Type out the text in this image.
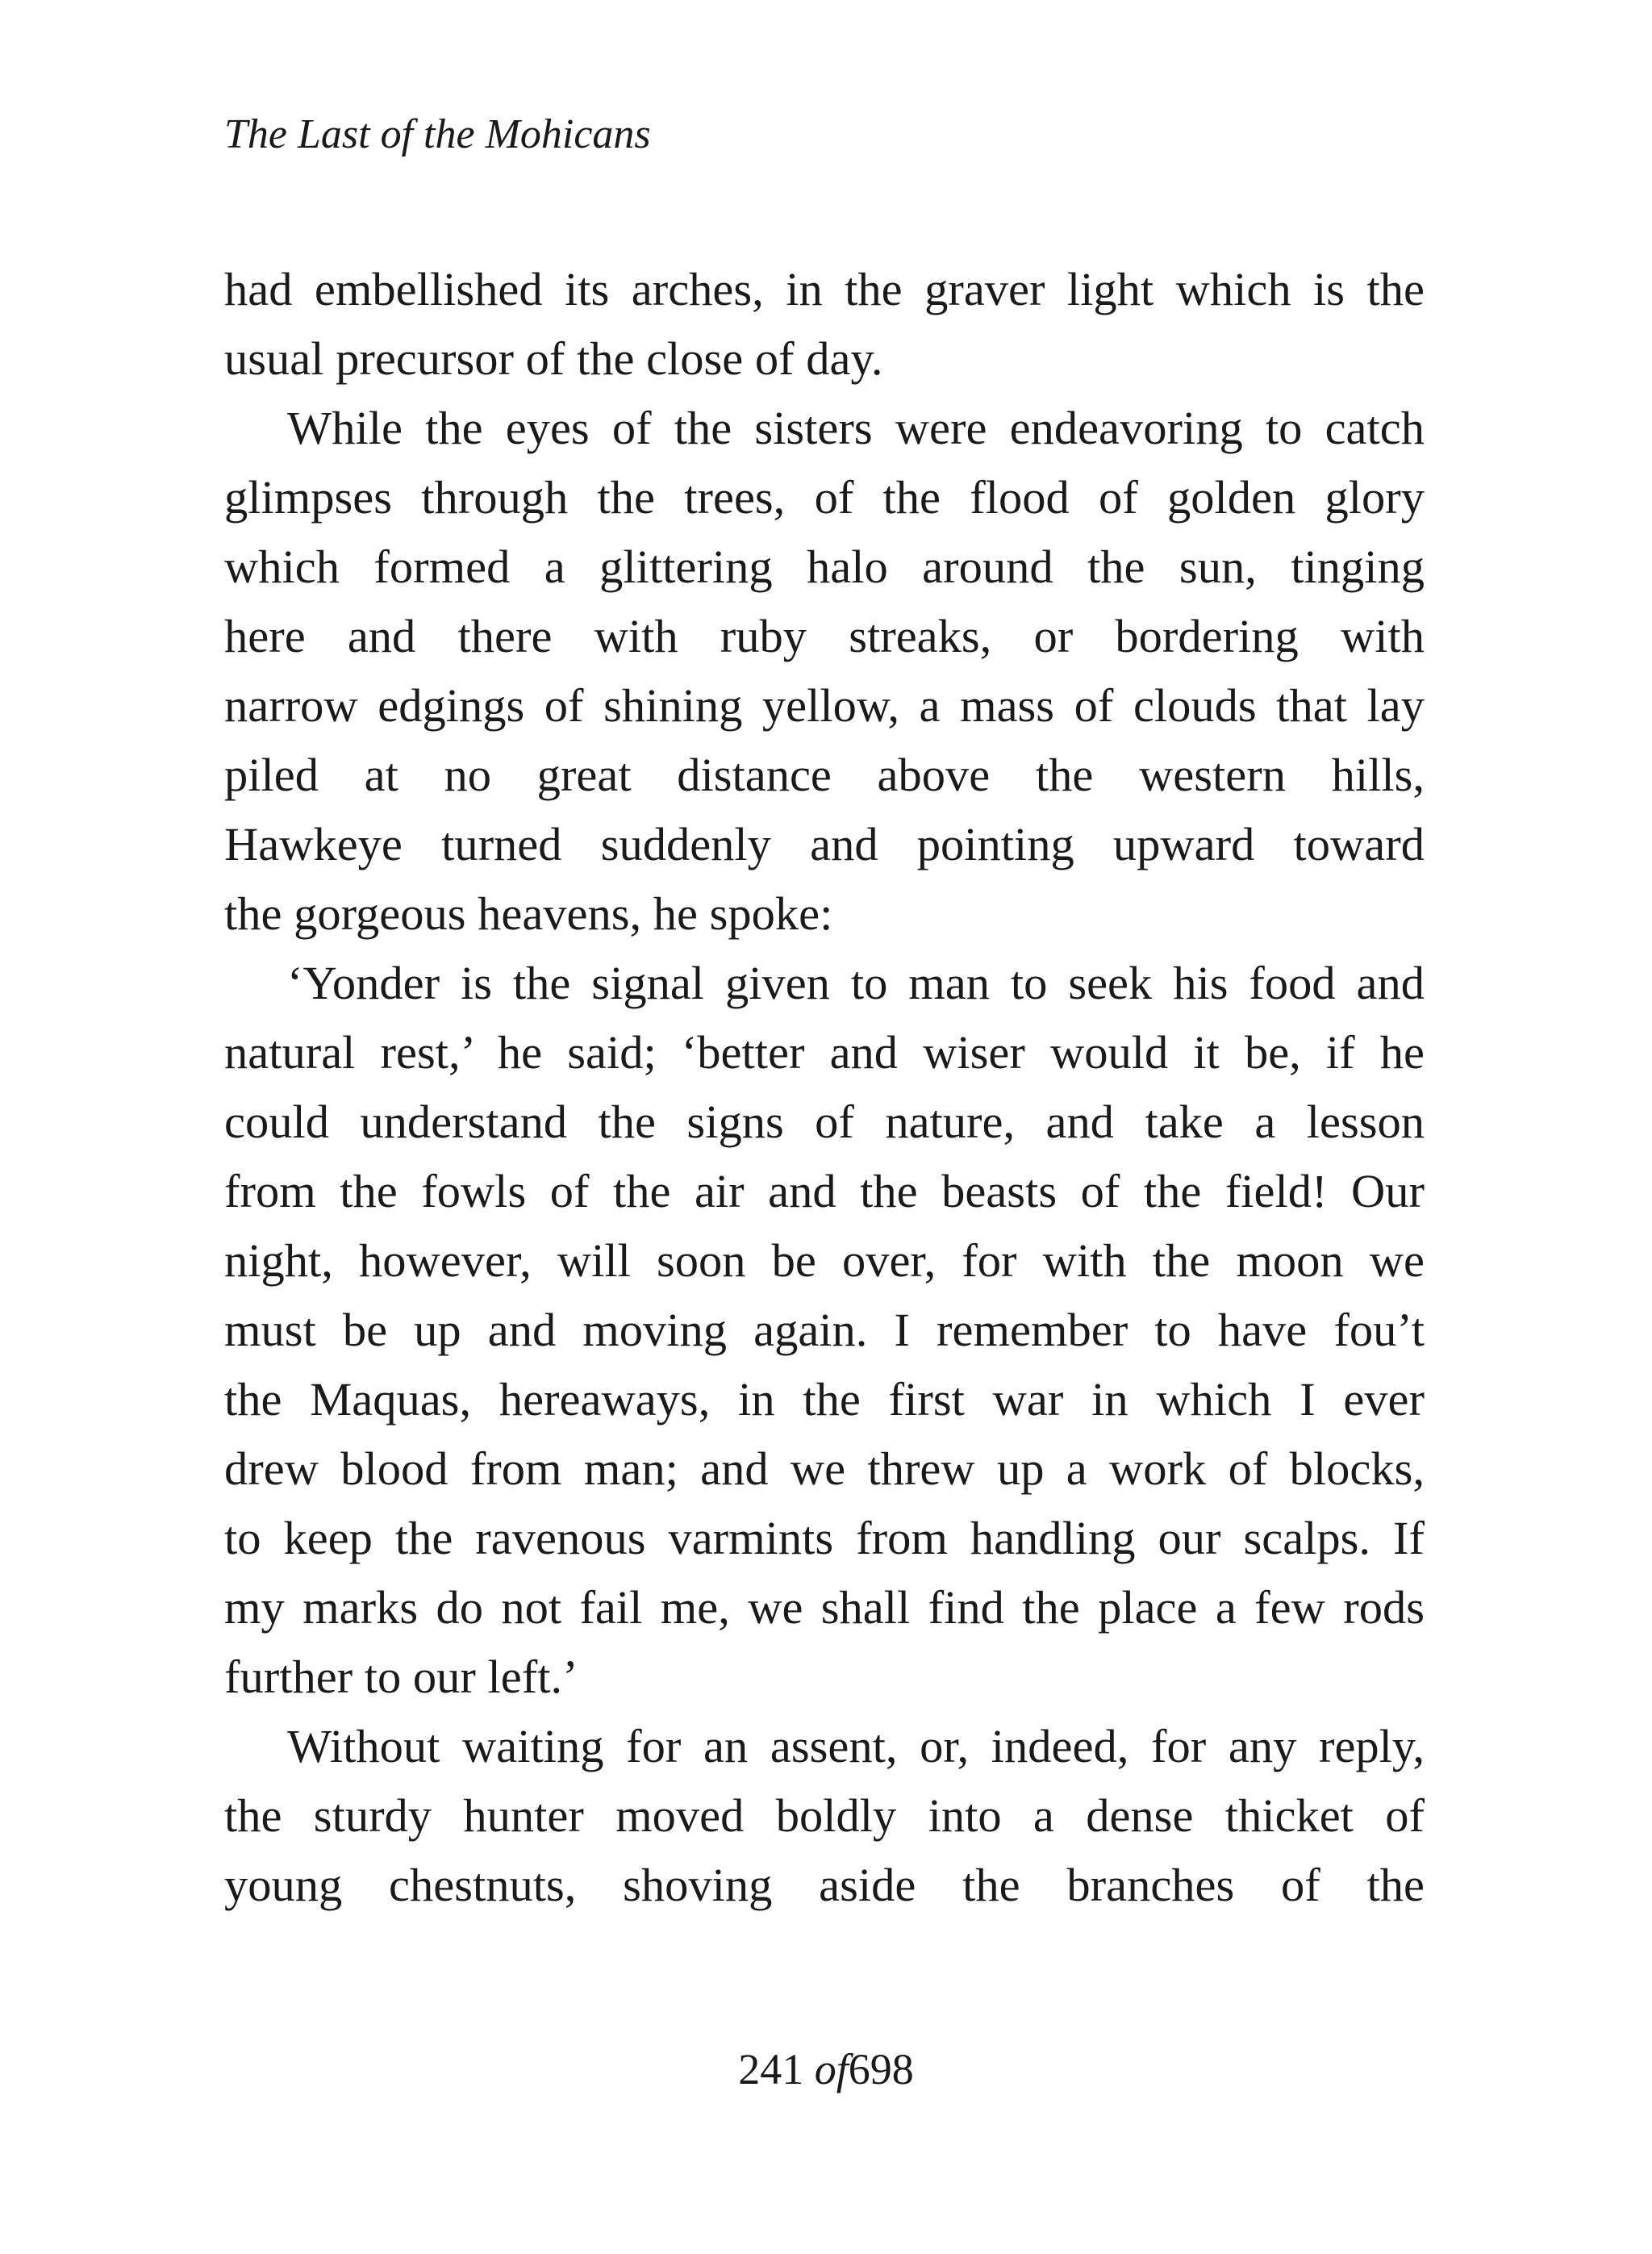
The Last of the Mohicans
had embellished its arches, in the graver light which is the
usual precursor of the close of day.
While the eyes of the sisters were endeavoring to catch
glimpses through the trees, of the flood of golden glory
which formed a glittering halo around the sun, tinging
here and there with ruby streaks, or bordering with
narrow edgings of shining yellow, a mass of clouds that lay
piled at no great distance above the western hills,
Hawkeye turned suddenly and pointing upward toward
the gorgeous heavens, he spoke:
‘Yonder is the signal given to man to seek his food and
natural rest,’ he said; ‘better and wiser would it be, if he
could understand the signs of nature, and take a lesson
from the fowls of the air and the beasts of the field! Our
night, however, will soon be over, for with the moon we
must be up and moving again. I remember to have fou’t
the Maquas, hereaways, in the first war in which I ever
drew blood from man; and we threw up a work of blocks,
to keep the ravenous varmints from handling our scalps. If
my marks do not fail me, we shall find the place a few rods
further to our left.’
Without waiting for an assent, or, indeed, for any reply,
the sturdy hunter moved boldly into a dense thicket of
young chestnuts, shoving aside the branches of the
241 of698
